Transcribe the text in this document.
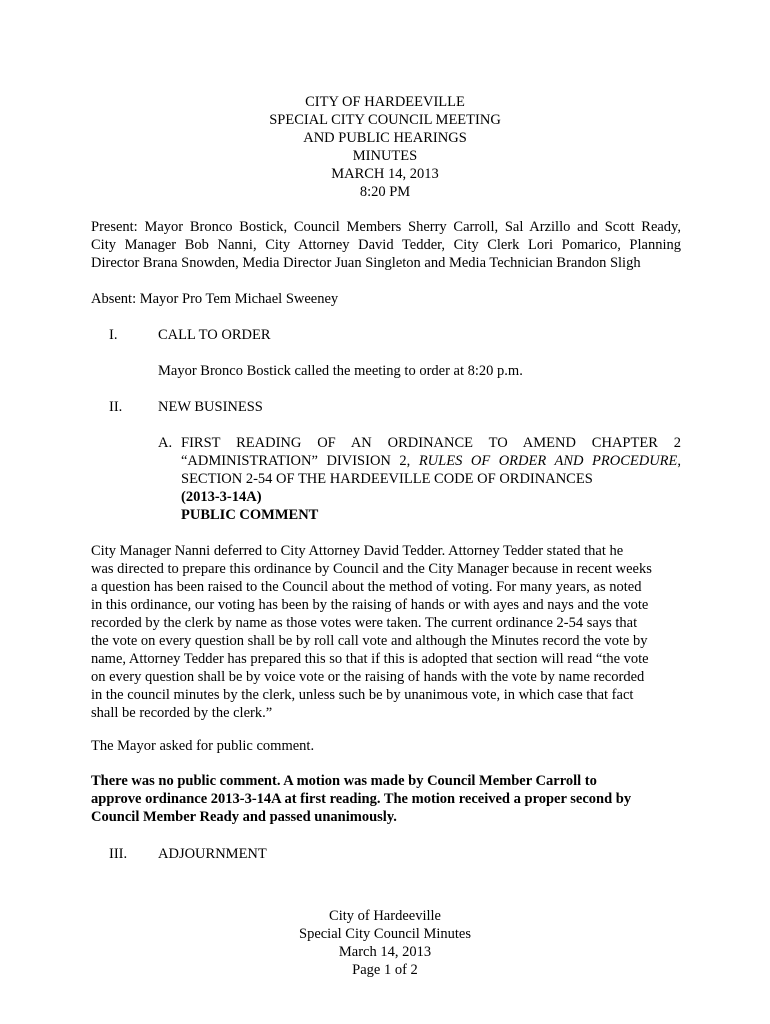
CITY OF HARDEEVILLE
SPECIAL CITY COUNCIL MEETING
AND PUBLIC HEARINGS
MINUTES
MARCH 14, 2013
8:20 PM
Present: Mayor Bronco Bostick, Council Members Sherry Carroll, Sal Arzillo and Scott Ready,
City Manager Bob Nanni, City Attorney David Tedder, City Clerk Lori Pomarico, Planning
Director Brana Snowden, Media Director Juan Singleton and Media Technician Brandon Sligh
Absent: Mayor Pro Tem Michael Sweeney
I.	CALL TO ORDER
Mayor Bronco Bostick called the meeting to order at 8:20 p.m.
II. NEW BUSINESS
A. FIRST READING OF AN ORDINANCE TO AMEND CHAPTER 2
“ADMINISTRATION” DIVISION 2, RULES OF ORDER AND PROCEDURE,
SECTION 2-54 OF THE HARDEEVILLE CODE OF ORDINANCES
(2013-3-14A)
PUBLIC COMMENT
City Manager Nanni deferred to City Attorney David Tedder. Attorney Tedder stated that he
was directed to prepare this ordinance by Council and the City Manager because in recent weeks
a question has been raised to the Council about the method of voting. For many years, as noted
in this ordinance, our voting has been by the raising of hands or with ayes and nays and the vote
recorded by the clerk by name as those votes were taken. The current ordinance 2-54 says that
the vote on every question shall be by roll call vote and although the Minutes record the vote by
name, Attorney Tedder has prepared this so that if this is adopted that section will read “the vote
on every question shall be by voice vote or the raising of hands with the vote by name recorded
in the council minutes by the clerk, unless such be by unanimous vote, in which case that fact
shall be recorded by the clerk.”
The Mayor asked for public comment.
There was no public comment. A motion was made by Council Member Carroll to
approve ordinance 2013-3-14A at first reading. The motion received a proper second by
Council Member Ready and passed unanimously.
III. ADJOURNMENT
City of Hardeeville
Special City Council Minutes
March 14, 2013
Page 1 of 2
